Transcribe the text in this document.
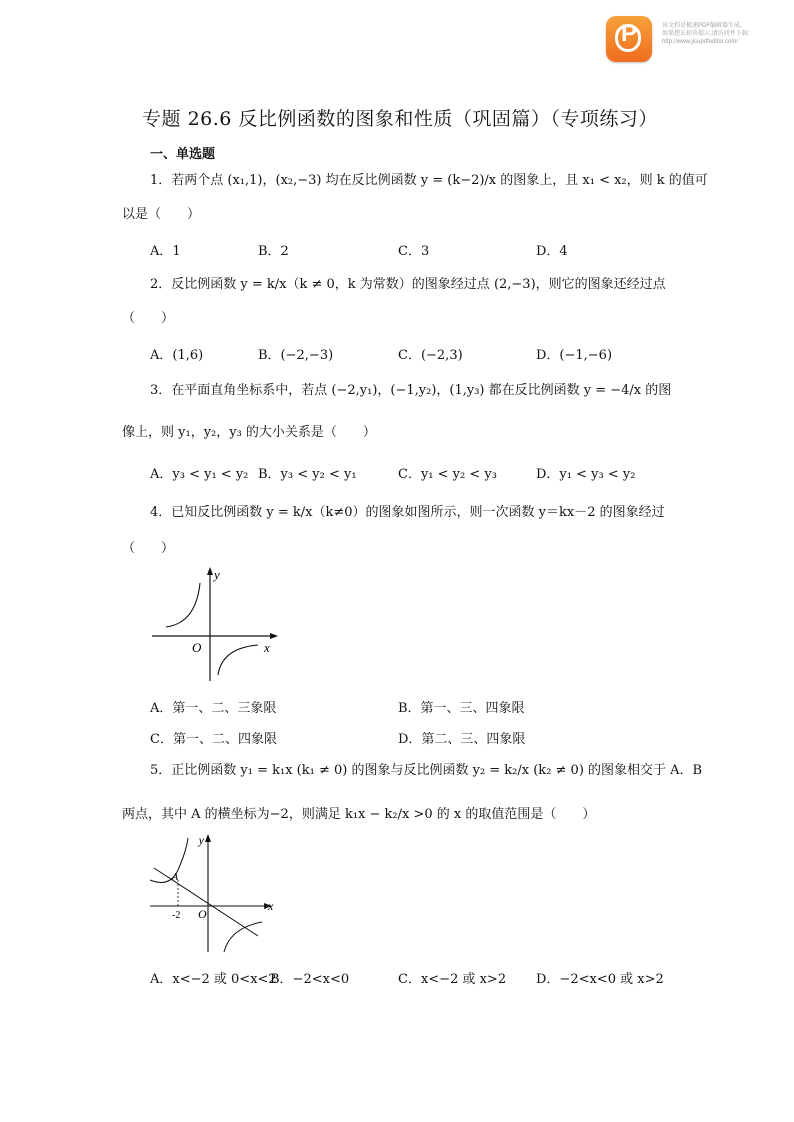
P	该文档是极速PDF编辑器生成,
如果想去掉该提示,请访问并下载:
http://www.jisupdfeditor.com/
专题 26.6 反比例函数的图象和性质（巩固篇）（专项练习）
一、单选题
1．若两个点 (x₁,1)，(x₂,−3) 均在反比例函数 y = (k−2)/x 的图象上，且 x₁ < x₂，则 k 的值可
以是（　　）
A．1	B．2	C．3	D．4
2．反比例函数 y = k/x（k ≠ 0，k 为常数）的图象经过点 (2,−3)，则它的图象还经过点
（　　）
A．(1,6)	B．(−2,−3)	C．(−2,3)	D．(−1,−6)
3．在平面直角坐标系中，若点 (−2,y₁)，(−1,y₂)，(1,y₃) 都在反比例函数 y = −4/x 的图
像上，则 y₁，y₂，y₃ 的大小关系是（　　）
A．y₃ < y₁ < y₂ B．y₃ < y₂ < y₁	C．y₁ < y₂ < y₃	D．y₁ < y₃ < y₂
4．已知反比例函数 y = k/x（k≠0）的图象如图所示，则一次函数 y＝kx－2 的图象经过
（　　）
y
x
O
A．第一、二、三象限	B．第一、三、四象限
C．第一、二、四象限	D．第二、三、四象限
5．正比例函数 y₁ = k₁x (k₁ ≠ 0) 的图象与反比例函数 y₂ = k₂/x (k₂ ≠ 0) 的图象相交于 A．B
两点，其中 A 的横坐标为−2，则满足 k₁x − k₂/x >0 的 x 的取值范围是（　　）
y
x
O
A
-2
A．x<−2 或 0<x<2
B．−2<x<0	C．x<−2 或 x>2 D．−2<x<0 或 x>2
